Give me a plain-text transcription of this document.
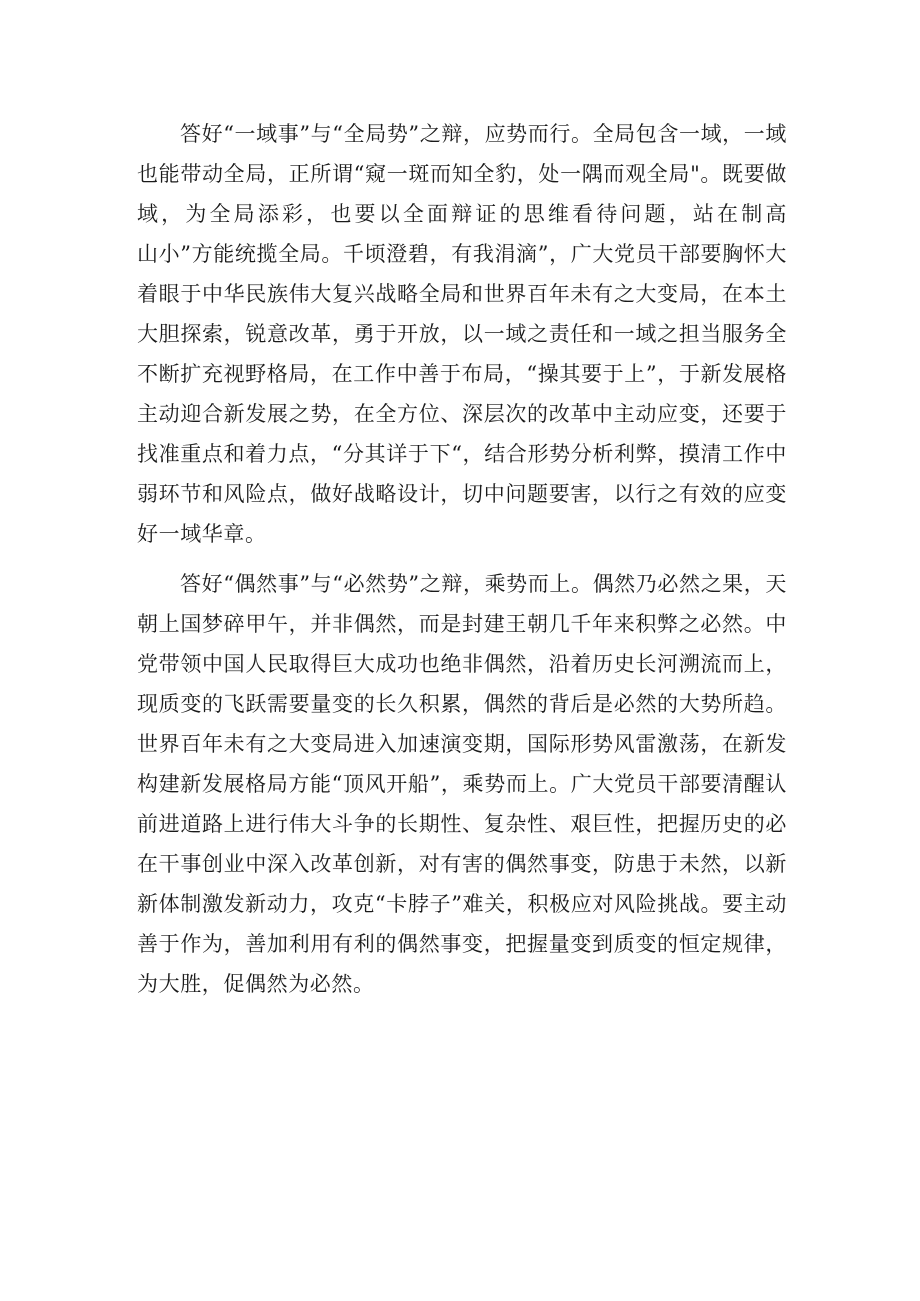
答好“一域事”与“全局势”之辩，应势而行。全局包含一域，一域

也能带动全局，正所谓“窥一斑而知全豹，处一隅而观全局"。既要做

域，为全局添彩，也要以全面辩证的思维看待问题，站在制高

山小”方能统揽全局。千顷澄碧，有我涓滴”，广大党员干部要胸怀大

着眼于中华民族伟大复兴战略全局和世界百年未有之大变局，在本土

大胆探索，锐意改革，勇于开放，以一域之责任和一域之担当服务全

不断扩充视野格局，在工作中善于布局，“操其要于上”，于新发展格

主动迎合新发展之势，在全方位、深层次的改革中主动应变，还要于

找准重点和着力点，“分其详于下“，结合形势分析利弊，摸清工作中

弱环节和风险点，做好战略设计，切中问题要害，以行之有效的应变

好一域华章。

答好“偶然事”与“必然势”之辩，乘势而上。偶然乃必然之果，天

朝上国梦碎甲午，并非偶然，而是封建王朝几千年来积弊之必然。中

党带领中国人民取得巨大成功也绝非偶然，沿着历史长河溯流而上，

现质变的飞跃需要量变的长久积累，偶然的背后是必然的大势所趋。

世界百年未有之大变局进入加速演变期，国际形势风雷激荡，在新发

构建新发展格局方能“顶风开船”，乘势而上。广大党员干部要清醒认

前进道路上进行伟大斗争的长期性、复杂性、艰巨性，把握历史的必

在干事创业中深入改革创新，对有害的偶然事变，防患于未然，以新

新体制激发新动力，攻克“卡脖子”难关，积极应对风险挑战。要主动

善于作为，善加利用有利的偶然事变，把握量变到质变的恒定规律，

为大胜，促偶然为必然。
